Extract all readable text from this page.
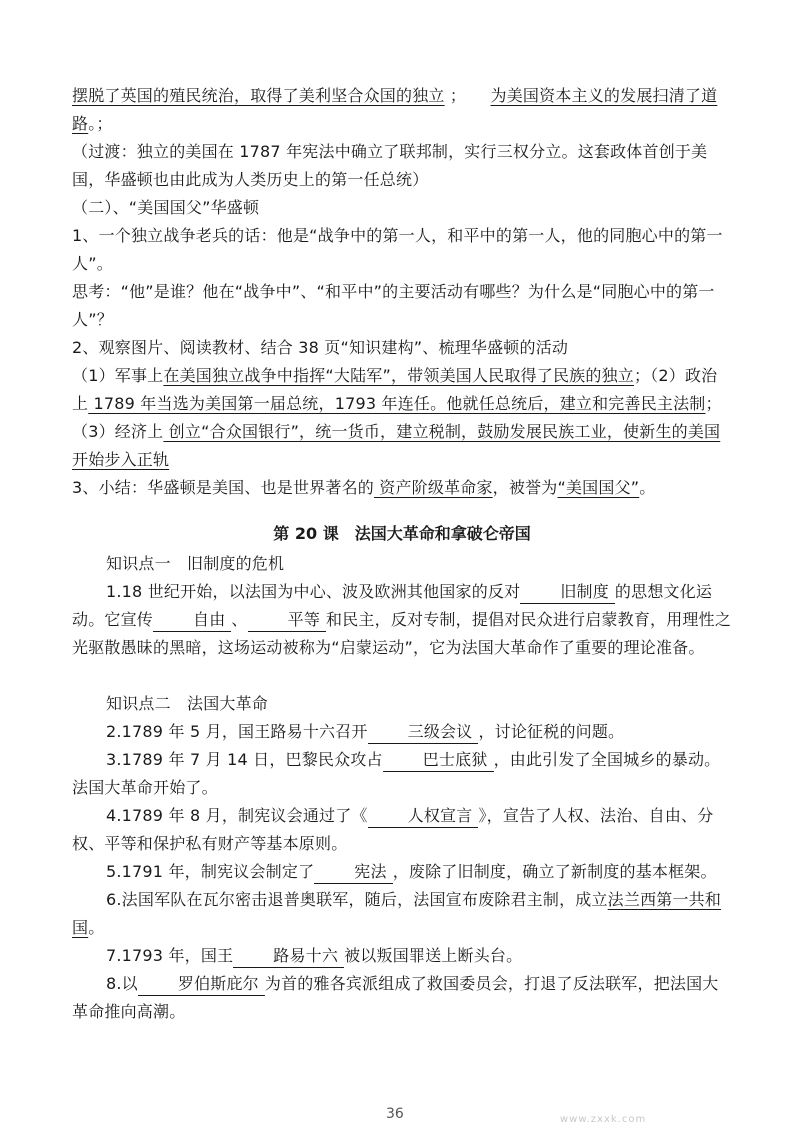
摆脱了英国的殖民统治，取得了美利坚合众国的独立 ；　　 为美国资本主义的发展扫清了道路。；

（过渡：独立的美国在 1787 年宪法中确立了联邦制，实行三权分立。这套政体首创于美国，华盛顿也由此成为人类历史上的第一任总统）

（二）、“美国国父”华盛顿

1、一个独立战争老兵的话：他是“战争中的第一人，和平中的第一人，他的同胞心中的第一人”。

思考：“他”是谁？他在“战争中”、“和平中”的主要活动有哪些？为什么是“同胞心中的第一人”？

2、观察图片、阅读教材、结合 38 页“知识建构”、梳理华盛顿的活动

（1）军事上在美国独立战争中指挥“大陆军”，带领美国人民取得了民族的独立；（2）政治上 1789 年当选为美国第一届总统，1793 年连任。他就任总统后，建立和完善民主法制；（3）经济上 创立“合众国银行”，统一货币，建立税制，鼓励发展民族工业，使新生的美国开始步入正轨

3、小结：华盛顿是美国、也是世界著名的 资产阶级革命家，被誉为“美国国父”。

第 20 课　法国大革命和拿破仑帝国

知识点一　旧制度的危机

1.18 世纪开始，以法国为中心、波及欧洲其他国家的反对	旧制度 的思想文化运动。它宣传	自由 、	平等 和民主，反对专制，提倡对民众进行启蒙教育，用理性之光驱散愚昧的黑暗，这场运动被称为“启蒙运动”，它为法国大革命作了重要的理论准备。

知识点二　法国大革命

2.1789 年 5 月，国王路易十六召开	三级会议 ，讨论征税的问题。

3.1789 年 7 月 14 日，巴黎民众攻占	巴士底狱 ，由此引发了全国城乡的暴动。法国大革命开始了。

4.1789 年 8 月，制宪议会通过了《	人权宣言 》，宣告了人权、法治、自由、分权、平等和保护私有财产等基本原则。

5.1791 年，制宪议会制定了	宪法 ，废除了旧制度，确立了新制度的基本框架。

6.法国军队在瓦尔密击退普奥联军，随后，法国宣布废除君主制，成立法兰西第一共和国。

7.1793 年，国王	路易十六 被以叛国罪送上断头台。

8.以	罗伯斯庇尔 为首的雅各宾派组成了救国委员会，打退了反法联军，把法国大革命推向高潮。

36	www.zxxk.com
